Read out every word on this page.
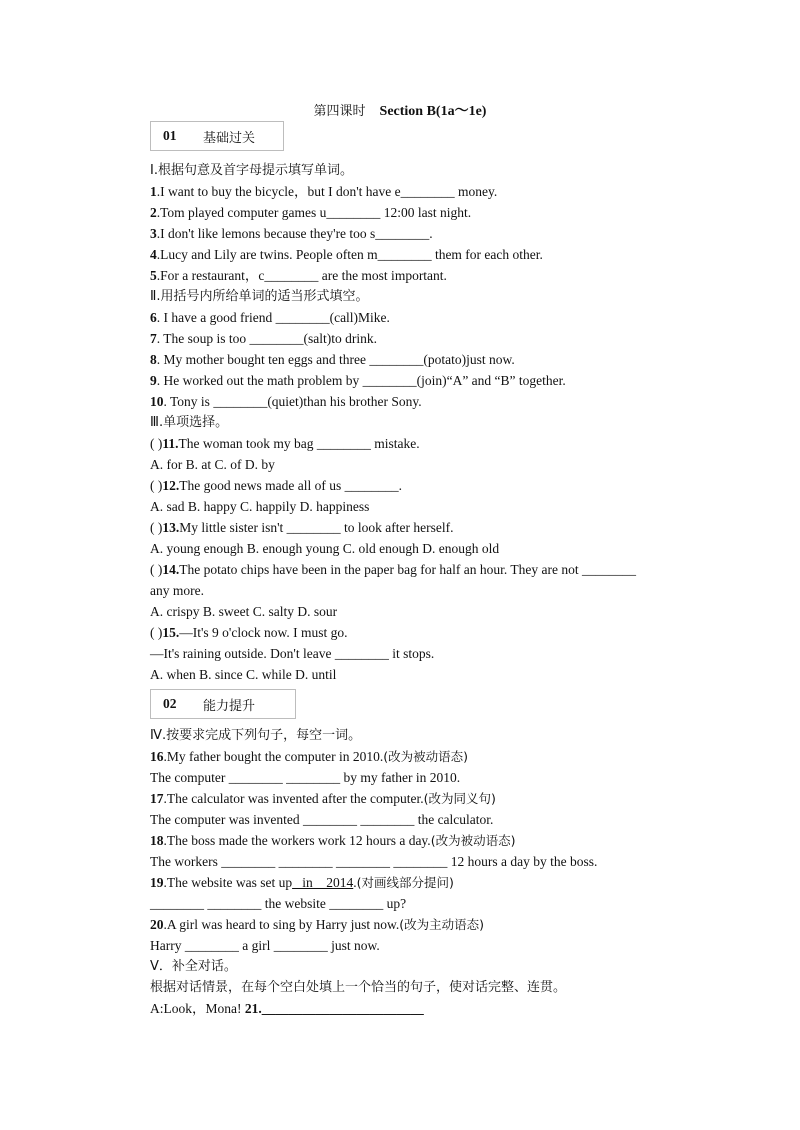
第四课时 Section B(1a～1e)
01	基础过关
Ⅰ.根据句意及首字母提示填写单词。
1.I want to buy the bicycle，but I don't have e________ money.
2.Tom played computer games u________ 12:00 last night.
3.I don't like lemons because they're too s________.
4.Lucy and Lily are twins. People often m________ them for each other.
5.For a restaurant，c________ are the most important.
Ⅱ.用括号内所给单词的适当形式填空。
6. I have a good friend ________(call)Mike.
7. The soup is too ________(salt)to drink.
8. My mother bought ten eggs and three ________(potato)just now.
9. He worked out the math problem by ________(join)“A” and “B” together.
10. Tony is ________(quiet)than his brother Sony.
Ⅲ.单项选择。
( )11.The woman took my bag ________ mistake.
A. for B. at C. of D. by
( )12.The good news made all of us ________.
A. sad B. happy C. happily D. happiness
( )13.My little sister isn't ________ to look after herself.
A. young enough B. enough young C. old enough D. enough old
( )14.The potato chips have been in the paper bag for half an hour. They are not ________
any more.
A. crispy B. sweet C. salty D. sour
( )15.—It's 9 o'clock now. I must go.
—It's raining outside. Don't leave ________ it stops.
A. when B. since C. while D. until
02	能力提升
Ⅳ.按要求完成下列句子，每空一词。
16.My father bought the computer in 2010.(改为被动语态)
The computer ________ ________ by my father in 2010.
17.The calculator was invented after the computer.(改为同义句)
The computer was invented ________ ________ the calculator.
18.The boss made the workers work 12 hours a day.(改为被动语态)
The workers ________ ________ ________ ________ 12 hours a day by the boss.
19.The website was set up   in    2014.(对画线部分提问)
________ ________ the website ________ up?
20.A girl was heard to sing by Harry just now.(改为主动语态)
Harry ________ a girl ________ just now.
Ⅴ．补全对话。
根据对话情景，在每个空白处填上一个恰当的句子，使对话完整、连贯。
A:Look，Mona! 21.________________________
